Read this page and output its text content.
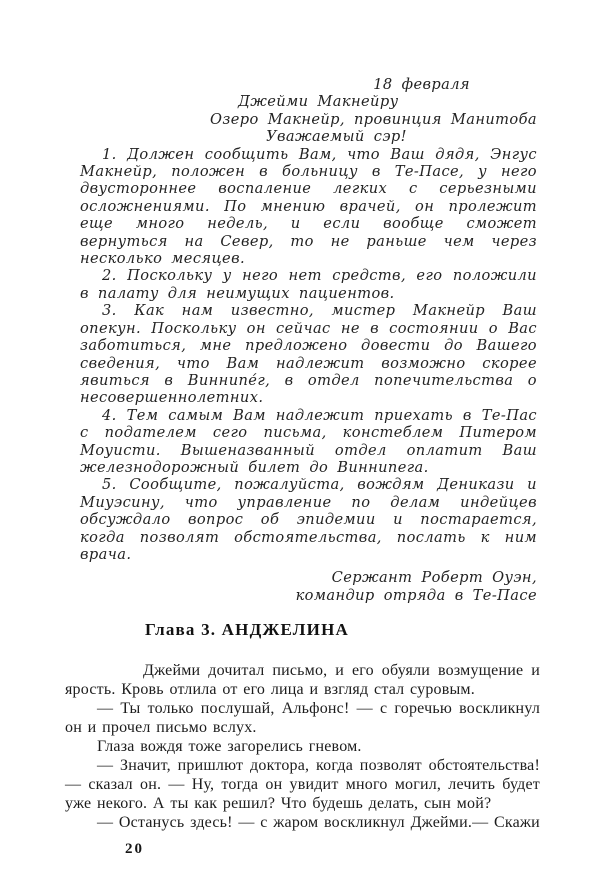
18 февраля
Джейми Макнейру
Озеро Макнейр, провинция Манитоба
Уважаемый сэр!

1. Должен сообщить Вам, что Ваш дядя, Энгус Макнейр, положен в больницу в Те-Пасе, у него двустороннее воспаление легких с серьезными осложнениями. По мнению врачей, он пролежит еще много недель, и если вообще сможет вернуться на Север, то не раньше чем через несколько месяцев.

2. Поскольку у него нет средств, его положили в палату для неимущих пациентов.

3. Как нам известно, мистер Макнейр Ваш опекун. Поскольку он сейчас не в состоянии о Вас заботиться, мне предложено довести до Вашего сведения, что Вам надлежит возможно скорее явиться в Виннипе́г, в отдел попечительства о несовершеннолетних.

4. Тем самым Вам надлежит приехать в Те-Пас с подателем сего письма, констеблем Питером Моуисти. Вышеназванный отдел оплатит Ваш железнодорожный билет до Виннипега.

5. Сообщите, пожалуйста, вождям Деникази и Миуэсину, что управление по делам индейцев обсуждало вопрос об эпидемии и постарается, когда позволят обстоятельства, послать к ним врача.

Сержант Роберт Оуэн,
командир отряда в Те-Пасе
Глава 3. АНДЖЕЛИНА

Джейми дочитал письмо, и его обуяли возмущение и ярость. Кровь отлила от его лица и взгляд стал суровым.

— Ты только послушай, Альфонс! — с горечью воскликнул он и прочел письмо вслух.

Глаза вождя тоже загорелись гневом.

— Значит, пришлют доктора, когда позволят обстоятельства! — сказал он. — Ну, тогда он увидит много могил, лечить будет уже некого. А ты как решил? Что будешь делать, сын мой?

— Останусь здесь! — с жаром воскликнул Джейми.— Скажи

20
